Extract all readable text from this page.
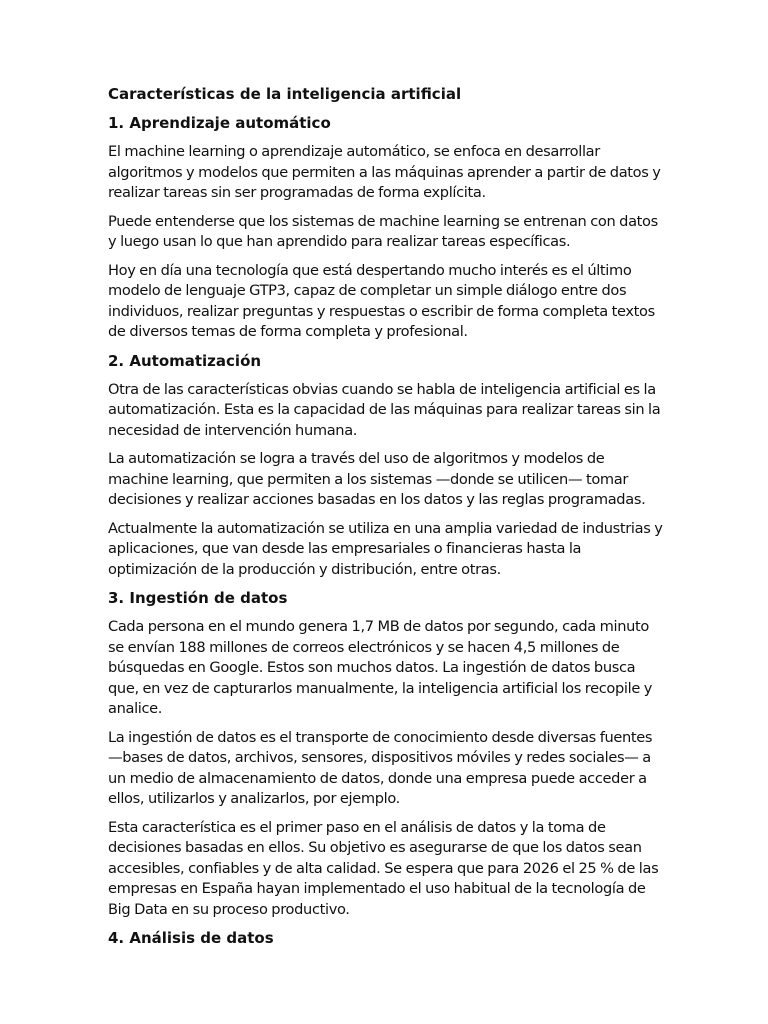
Características de la inteligencia artificial
1. Aprendizaje automático

El machine learning o aprendizaje automático, se enfoca en desarrollar algoritmos y modelos que permiten a las máquinas aprender a partir de datos y realizar tareas sin ser programadas de forma explícita.

Puede entenderse que los sistemas de machine learning se entrenan con datos y luego usan lo que han aprendido para realizar tareas específicas.

Hoy en día una tecnología que está despertando mucho interés es el último modelo de lenguaje GTP3, capaz de completar un simple diálogo entre dos individuos, realizar preguntas y respuestas o escribir de forma completa textos de diversos temas de forma completa y profesional.

2. Automatización

Otra de las características obvias cuando se habla de inteligencia artificial es la automatización. Esta es la capacidad de las máquinas para realizar tareas sin la necesidad de intervención humana.

La automatización se logra a través del uso de algoritmos y modelos de machine learning, que permiten a los sistemas —donde se utilicen— tomar decisiones y realizar acciones basadas en los datos y las reglas programadas.

Actualmente la automatización se utiliza en una amplia variedad de industrias y aplicaciones, que van desde las empresariales o financieras hasta la optimización de la producción y distribución, entre otras.

3. Ingestión de datos

Cada persona en el mundo genera 1,7 MB de datos por segundo, cada minuto se envían 188 millones de correos electrónicos y se hacen 4,5 millones de búsquedas en Google. Estos son muchos datos. La ingestión de datos busca que, en vez de capturarlos manualmente, la inteligencia artificial los recopile y analice.

La ingestión de datos es el transporte de conocimiento desde diversas fuentes —bases de datos, archivos, sensores, dispositivos móviles y redes sociales— a un medio de almacenamiento de datos, donde una empresa puede acceder a ellos, utilizarlos y analizarlos, por ejemplo.

Esta característica es el primer paso en el análisis de datos y la toma de decisiones basadas en ellos. Su objetivo es asegurarse de que los datos sean accesibles, confiables y de alta calidad. Se espera que para 2026 el 25 % de las empresas en España hayan implementado el uso habitual de la tecnología de Big Data en su proceso productivo.

4. Análisis de datos
